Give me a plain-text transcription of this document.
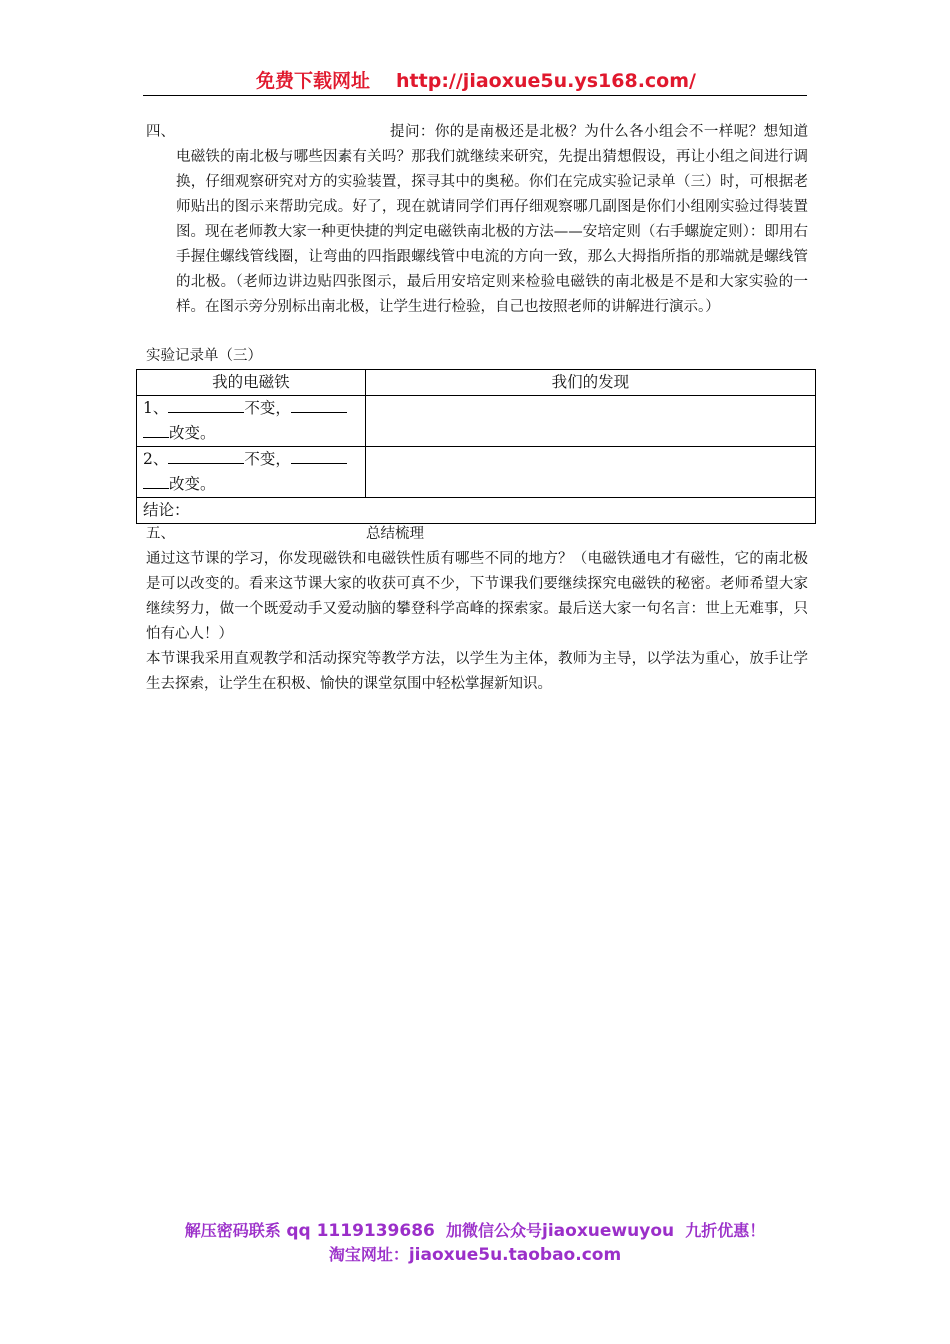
免费下载网址 http://jiaoxue5u.ys168.com/
四、	提问：你的是南极还是北极？为什么各小组会不一样呢？想知道电磁铁的南北极与哪些因素有关吗？那我们就继续来研究，先提出猜想假设，再让小组之间进行调换，仔细观察研究对方的实验装置，探寻其中的奥秘。你们在完成实验记录单（三）时，可根据老师贴出的图示来帮助完成。好了，现在就请同学们再仔细观察哪几副图是你们小组刚实验过得装置图。现在老师教大家一种更快捷的判定电磁铁南北极的方法——安培定则（右手螺旋定则）：即用右手握住螺线管线圈，让弯曲的四指跟螺线管中电流的方向一致，那么大拇指所指的那端就是螺线管的北极。（老师边讲边贴四张图示，最后用安培定则来检验电磁铁的南北极是不是和大家实验的一样。在图示旁分别标出南北极，让学生进行检验，自己也按照老师的讲解进行演示。）
实验记录单（三）
我的电磁铁	我们的发现
1、 不变，
改变。	
2、 不变，
改变。	
结论：	
五、	总结梳理
通过这节课的学习，你发现磁铁和电磁铁性质有哪些不同的地方？（电磁铁通电才有磁性，它的南北极是可以改变的。看来这节课大家的收获可真不少，下节课我们要继续探究电磁铁的秘密。老师希望大家继续努力，做一个既爱动手又爱动脑的攀登科学高峰的探索家。最后送大家一句名言：世上无难事，只怕有心人！）
本节课我采用直观教学和活动探究等教学方法，以学生为主体，教师为主导，以学法为重心，放手让学生去探索，让学生在积极、愉快的课堂氛围中轻松掌握新知识。
解压密码联系 qq 1119139686 加微信公众号jiaoxuewuyou 九折优惠！
淘宝网址：jiaoxue5u.taobao.com
